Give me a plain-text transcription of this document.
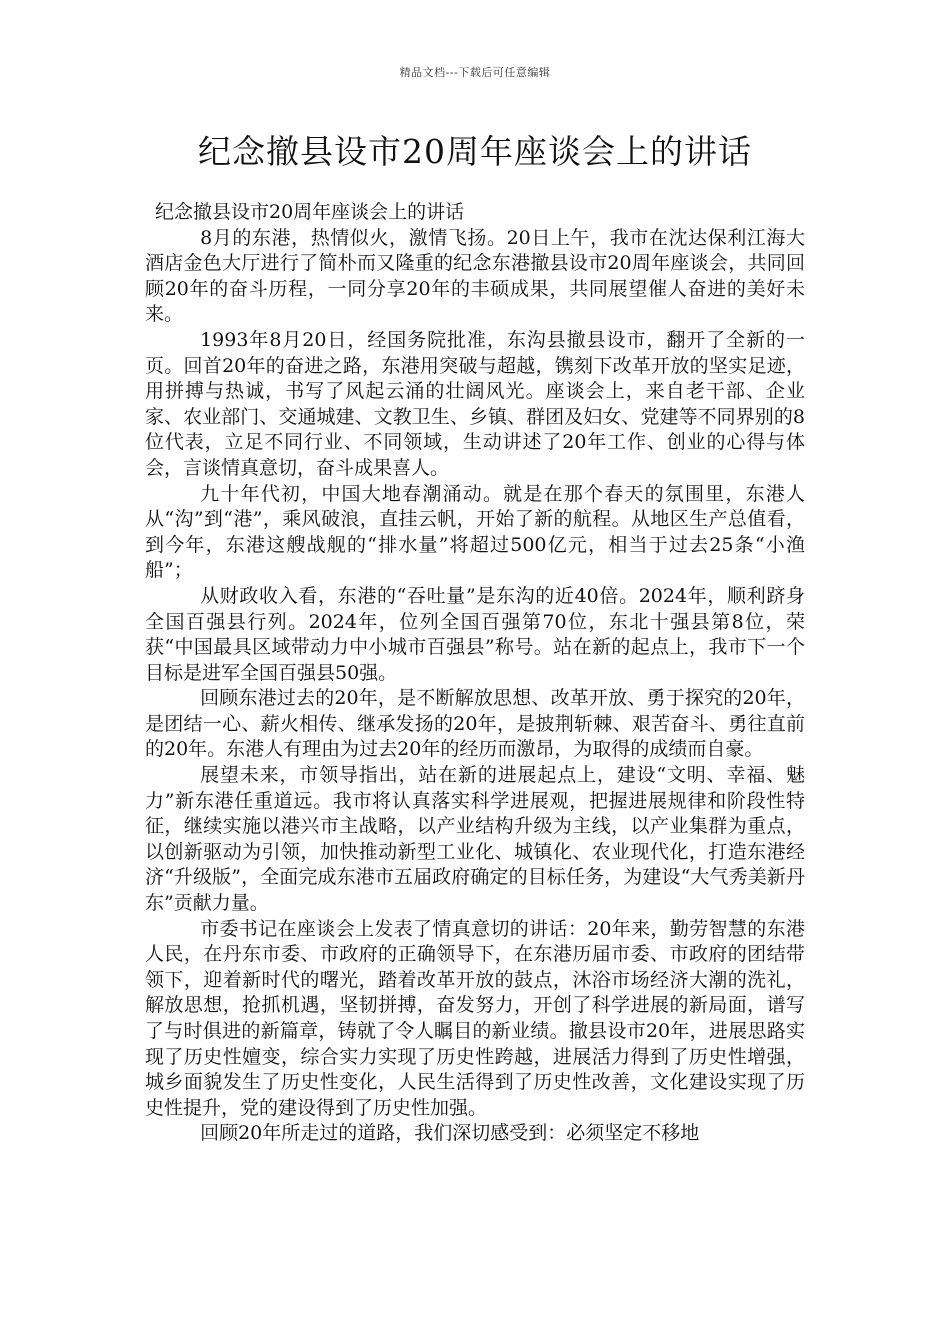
精品文档---下载后可任意编辑
纪念撤县设市20周年座谈会上的讲话

纪念撤县设市20周年座谈会上的讲话

8月的东港，热情似火，激情飞扬。20日上午，我市在沈达保利江海大酒店金色大厅进行了简朴而又隆重的纪念东港撤县设市20周年座谈会，共同回顾20年的奋斗历程，一同分享20年的丰硕成果，共同展望催人奋进的美好未来。

1993年8月20日，经国务院批准，东沟县撤县设市，翻开了全新的一页。回首20年的奋进之路，东港用突破与超越，镌刻下改革开放的坚实足迹，用拼搏与热诚，书写了风起云涌的壮阔风光。座谈会上，来自老干部、企业家、农业部门、交通城建、文教卫生、乡镇、群团及妇女、党建等不同界别的8位代表，立足不同行业、不同领域，生动讲述了20年工作、创业的心得与体会，言谈情真意切，奋斗成果喜人。

九十年代初，中国大地春潮涌动。就是在那个春天的氛围里，东港人从“沟”到“港”，乘风破浪，直挂云帆，开始了新的航程。从地区生产总值看，到今年，东港这艘战舰的“排水量”将超过500亿元，相当于过去25条“小渔船”；

从财政收入看，东港的“吞吐量”是东沟的近40倍。2024年，顺利跻身全国百强县行列。2024年，位列全国百强第70位，东北十强县第8位，荣获“中国最具区域带动力中小城市百强县”称号。站在新的起点上，我市下一个目标是进军全国百强县50强。

回顾东港过去的20年，是不断解放思想、改革开放、勇于探究的20年，是团结一心、薪火相传、继承发扬的20年，是披荆斩棘、艰苦奋斗、勇往直前的20年。东港人有理由为过去20年的经历而激昂，为取得的成绩而自豪。

展望未来，市领导指出，站在新的进展起点上，建设“文明、幸福、魅力”新东港任重道远。我市将认真落实科学进展观，把握进展规律和阶段性特征，继续实施以港兴市主战略，以产业结构升级为主线，以产业集群为重点，以创新驱动为引领，加快推动新型工业化、城镇化、农业现代化，打造东港经济“升级版”，全面完成东港市五届政府确定的目标任务，为建设“大气秀美新丹东”贡献力量。

市委书记在座谈会上发表了情真意切的讲话：20年来，勤劳智慧的东港人民，在丹东市委、市政府的正确领导下，在东港历届市委、市政府的团结带领下，迎着新时代的曙光，踏着改革开放的鼓点，沐浴市场经济大潮的洗礼，解放思想，抢抓机遇，坚韧拼搏，奋发努力，开创了科学进展的新局面，谱写了与时俱进的新篇章，铸就了令人瞩目的新业绩。撤县设市20年，进展思路实现了历史性嬗变，综合实力实现了历史性跨越，进展活力得到了历史性增强，城乡面貌发生了历史性变化，人民生活得到了历史性改善，文化建设实现了历史性提升，党的建设得到了历史性加强。

回顾20年所走过的道路，我们深切感受到：必须坚定不移地
